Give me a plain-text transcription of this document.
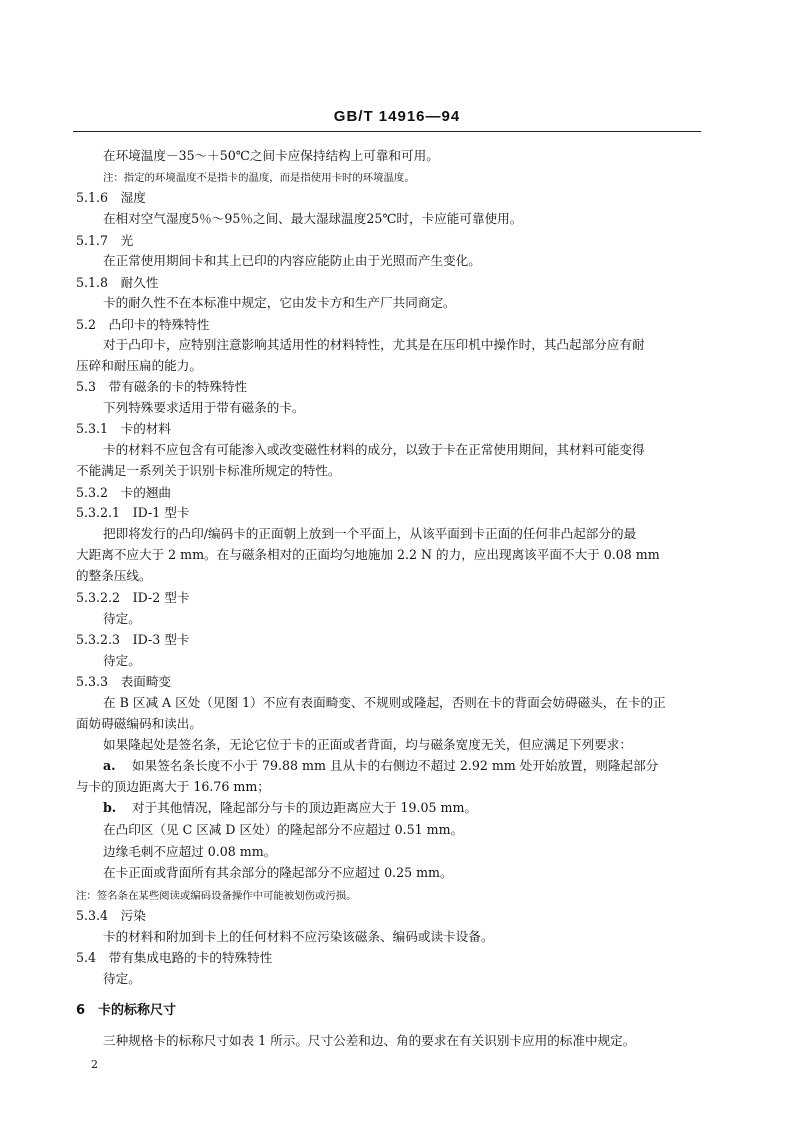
GB/T 14916—94
在环境温度－35～＋50℃之间卡应保持结构上可靠和可用。
注：指定的环境温度不是指卡的温度，而是指使用卡时的环境温度。
5.1.6　湿度
在相对空气湿度5％～95％之间、最大湿球温度25℃时，卡应能可靠使用。
5.1.7　光
在正常使用期间卡和其上已印的内容应能防止由于光照而产生变化。
5.1.8　耐久性
卡的耐久性不在本标准中规定，它由发卡方和生产厂共同商定。
5.2　凸印卡的特殊特性
对于凸印卡，应特别注意影响其适用性的材料特性，尤其是在压印机中操作时，其凸起部分应有耐
压碎和耐压扁的能力。
5.3　带有磁条的卡的特殊特性
下列特殊要求适用于带有磁条的卡。
5.3.1　卡的材料
卡的材料不应包含有可能渗入或改变磁性材料的成分，以致于卡在正常使用期间，其材料可能变得
不能满足一系列关于识别卡标准所规定的特性。
5.3.2　卡的翘曲
5.3.2.1　ID-1 型卡
把即将发行的凸印/编码卡的正面朝上放到一个平面上，从该平面到卡正面的任何非凸起部分的最
大距离不应大于 2 mm。在与磁条相对的正面均匀地施加 2.2 N 的力，应出现离该平面不大于 0.08 mm
的整条压线。
5.3.2.2　ID-2 型卡
待定。
5.3.2.3　ID-3 型卡
待定。
5.3.3　表面畸变
在 B 区减 A 区处（见图 1）不应有表面畸变、不规则或隆起，否则在卡的背面会妨碍磁头，在卡的正
面妨碍磁编码和读出。
如果隆起处是签名条，无论它位于卡的正面或者背面，均与磁条宽度无关，但应满足下列要求：
a. 如果签名条长度不小于 79.88 mm 且从卡的右侧边不超过 2.92 mm 处开始放置，则隆起部分
与卡的顶边距离大于 16.76 mm；
b. 对于其他情况，隆起部分与卡的顶边距离应大于 19.05 mm。
在凸印区（见 C 区减 D 区处）的隆起部分不应超过 0.51 mm。
边缘毛刺不应超过 0.08 mm。
在卡正面或背面所有其余部分的隆起部分不应超过 0.25 mm。
注：签名条在某些阅读或编码设备操作中可能被划伤或污损。
5.3.4　污染
卡的材料和附加到卡上的任何材料不应污染该磁条、编码或读卡设备。
5.4　带有集成电路的卡的特殊特性
待定。
6　卡的标称尺寸
三种规格卡的标称尺寸如表 1 所示。尺寸公差和边、角的要求在有关识别卡应用的标准中规定。
2
